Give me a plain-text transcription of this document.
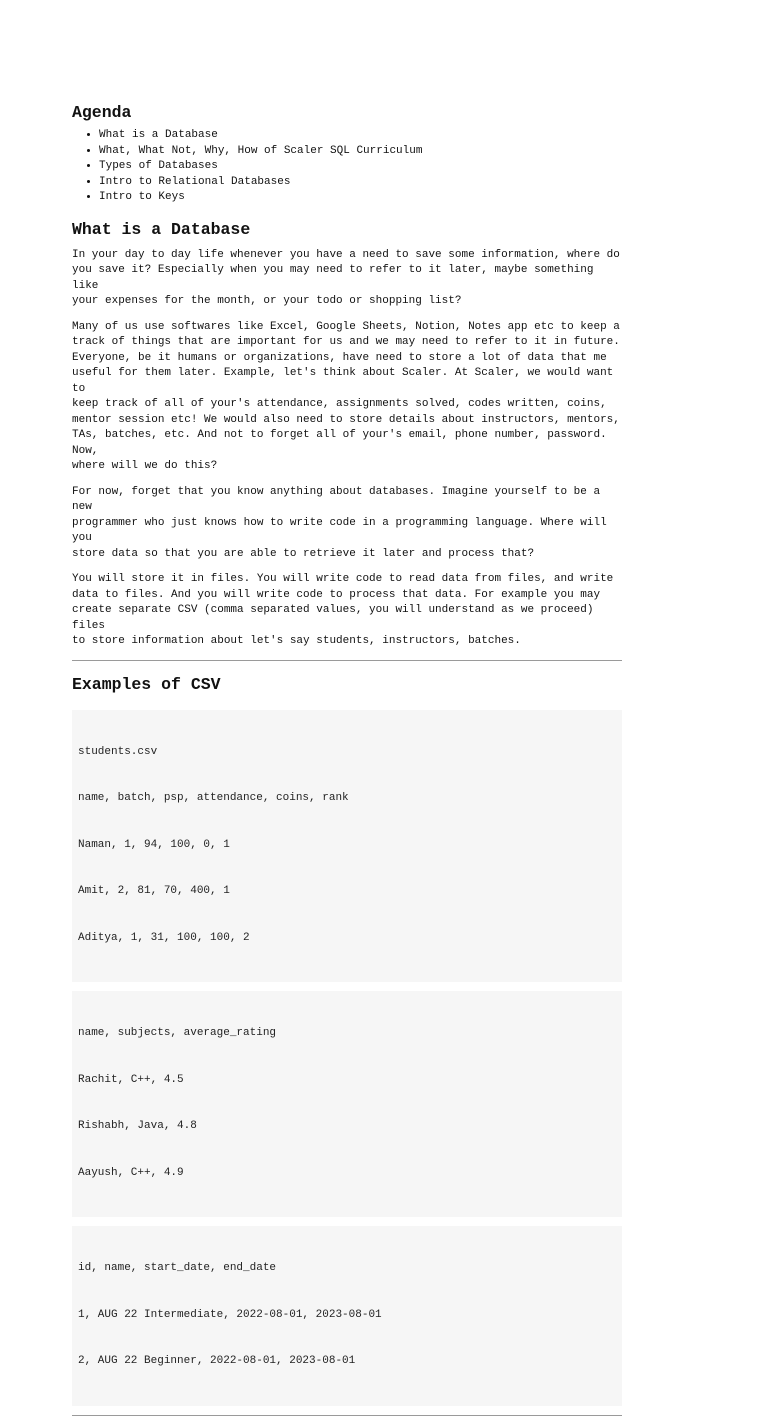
Agenda
• What is a Database
• What, What Not, Why, How of Scaler SQL Curriculum
• Types of Databases
• Intro to Relational Databases
• Intro to Keys
What is a Database

In your day to day life whenever you have a need to save some information, where do
you save it? Especially when you may need to refer to it later, maybe something like
your expenses for the month, or your todo or shopping list?

Many of us use softwares like Excel, Google Sheets, Notion, Notes app etc to keep a
track of things that are important for us and we may need to refer to it in future.
Everyone, be it humans or organizations, have need to store a lot of data that me
useful for them later. Example, let's think about Scaler. At Scaler, we would want to
keep track of all of your's attendance, assignments solved, codes written, coins,
mentor session etc! We would also need to store details about instructors, mentors,
TAs, batches, etc. And not to forget all of your's email, phone number, password. Now,
where will we do this?

For now, forget that you know anything about databases. Imagine yourself to be a new
programmer who just knows how to write code in a programming language. Where will you
store data so that you are able to retrieve it later and process that?

You will store it in files. You will write code to read data from files, and write
data to files. And you will write code to process that data. For example you may
create separate CSV (comma separated values, you will understand as we proceed) files
to store information about let's say students, instructors, batches.

Examples of CSV

students.csv

name, batch, psp, attendance, coins, rank

Naman, 1, 94, 100, 0, 1

Amit, 2, 81, 70, 400, 1

Aditya, 1, 31, 100, 100, 2

name, subjects, average_rating

Rachit, C++, 4.5

Rishabh, Java, 4.8

Aayush, C++, 4.9

id, name, start_date, end_date

1, AUG 22 Intermediate, 2022-08-01, 2023-08-01

2, AUG 22 Beginner, 2022-08-01, 2023-08-01
